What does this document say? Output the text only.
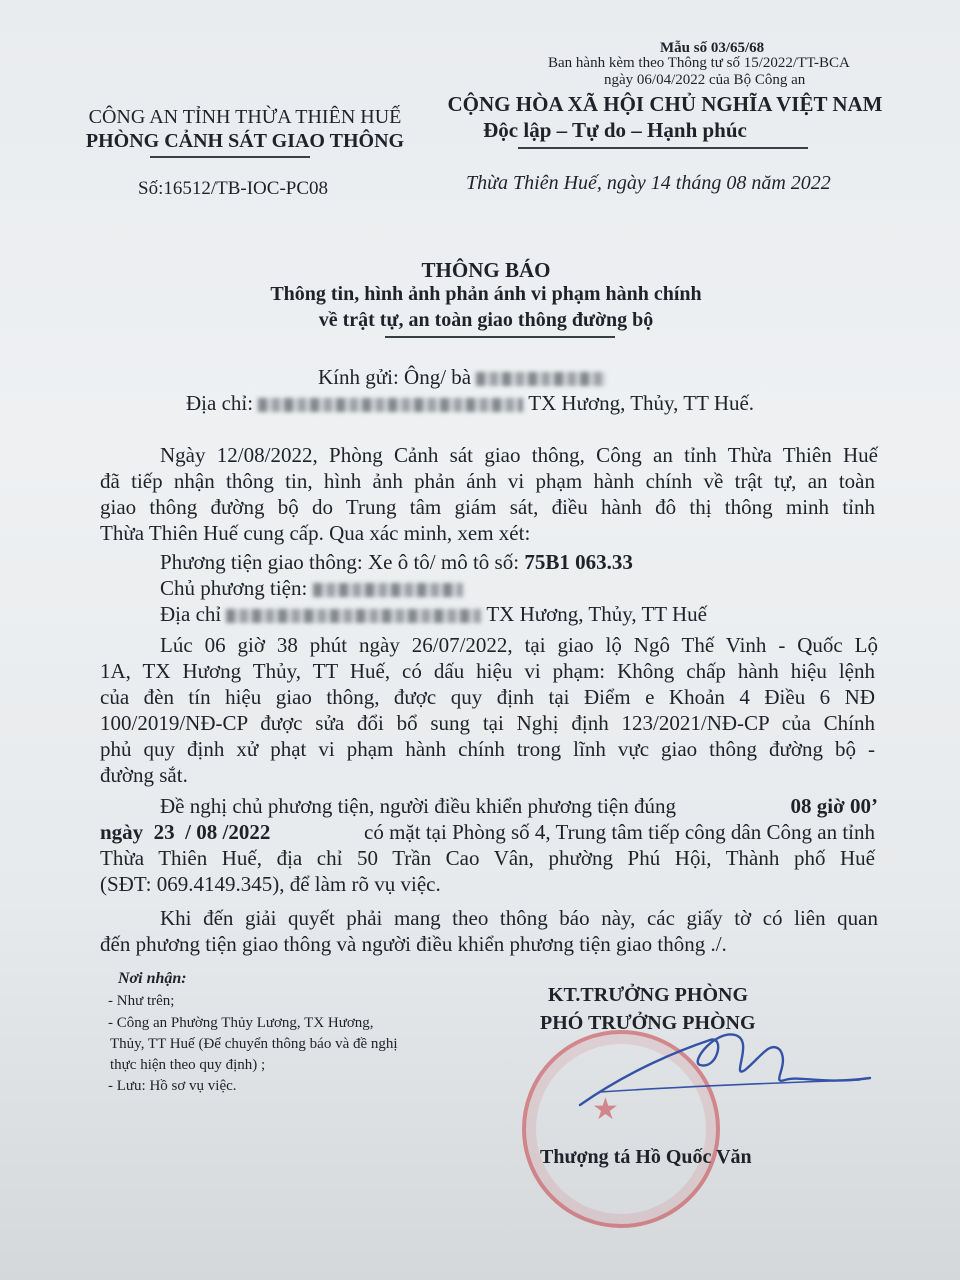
Mẫu số 03/65/68
Ban hành kèm theo Thông tư số 15/2022/TT-BCA
ngày 06/04/2022 của Bộ Công an
CÔNG AN TỈNH THỪA THIÊN HUẾ
PHÒNG CẢNH SÁT GIAO THÔNG
CỘNG HÒA XÃ HỘI CHỦ NGHĨA VIỆT NAM
Độc lập – Tự do – Hạnh phúc
Số:16512/TB-IOC-PC08	Thừa Thiên Huế, ngày 14 tháng 08 năm 2022
THÔNG BÁO
Thông tin, hình ảnh phản ánh vi phạm hành chính
về trật tự, an toàn giao thông đường bộ
Kính gửi: Ông/ bà
Địa chỉ:	TX Hương, Thủy, TT Huế.
Ngày 12/08/2022, Phòng Cảnh sát giao thông, Công an tỉnh Thừa Thiên Huế
đã tiếp nhận thông tin, hình ảnh phản ánh vi phạm hành chính về trật tự, an toàn
giao thông đường bộ do Trung tâm giám sát, điều hành đô thị thông minh tỉnh
Thừa Thiên Huế cung cấp. Qua xác minh, xem xét:
Phương tiện giao thông: Xe ô tô/ mô tô số: 75B1 063.33
Chủ phương tiện:
Địa chỉ	TX Hương, Thủy, TT Huế
Lúc 06 giờ 38 phút ngày 26/07/2022, tại giao lộ Ngô Thế Vinh - Quốc Lộ
1A, TX Hương Thủy, TT Huế, có dấu hiệu vi phạm: Không chấp hành hiệu lệnh
của đèn tín hiệu giao thông, được quy định tại Điểm e Khoản 4 Điều 6 NĐ
100/2019/NĐ-CP được sửa đổi bổ sung tại Nghị định 123/2021/NĐ-CP của Chính
phủ quy định xử phạt vi phạm hành chính trong lĩnh vực giao thông đường bộ -
đường sắt.
Đề nghị chủ phương tiện, người điều khiển phương tiện đúng	08 giờ 00’
ngày  23  / 08 /2022	có mặt tại Phòng số 4, Trung tâm tiếp công dân Công an tỉnh
Thừa Thiên Huế, địa chỉ 50 Trần Cao Vân, phường Phú Hội, Thành phố Huế
(SĐT: 069.4149.345), để làm rõ vụ việc.
Khi đến giải quyết phải mang theo thông báo này, các giấy tờ có liên quan
đến phương tiện giao thông và người điều khiển phương tiện giao thông ./.
Nơi nhận:
- Như trên;
- Công an Phường Thủy Lương, TX Hương,
Thủy, TT Huế (Để chuyển thông báo và đề nghị
thực hiện theo quy định) ;
- Lưu: Hồ sơ vụ việc.
★
KT.TRƯỞNG PHÒNG
PHÓ TRƯỞNG PHÒNG
Thượng tá Hồ Quốc Văn
